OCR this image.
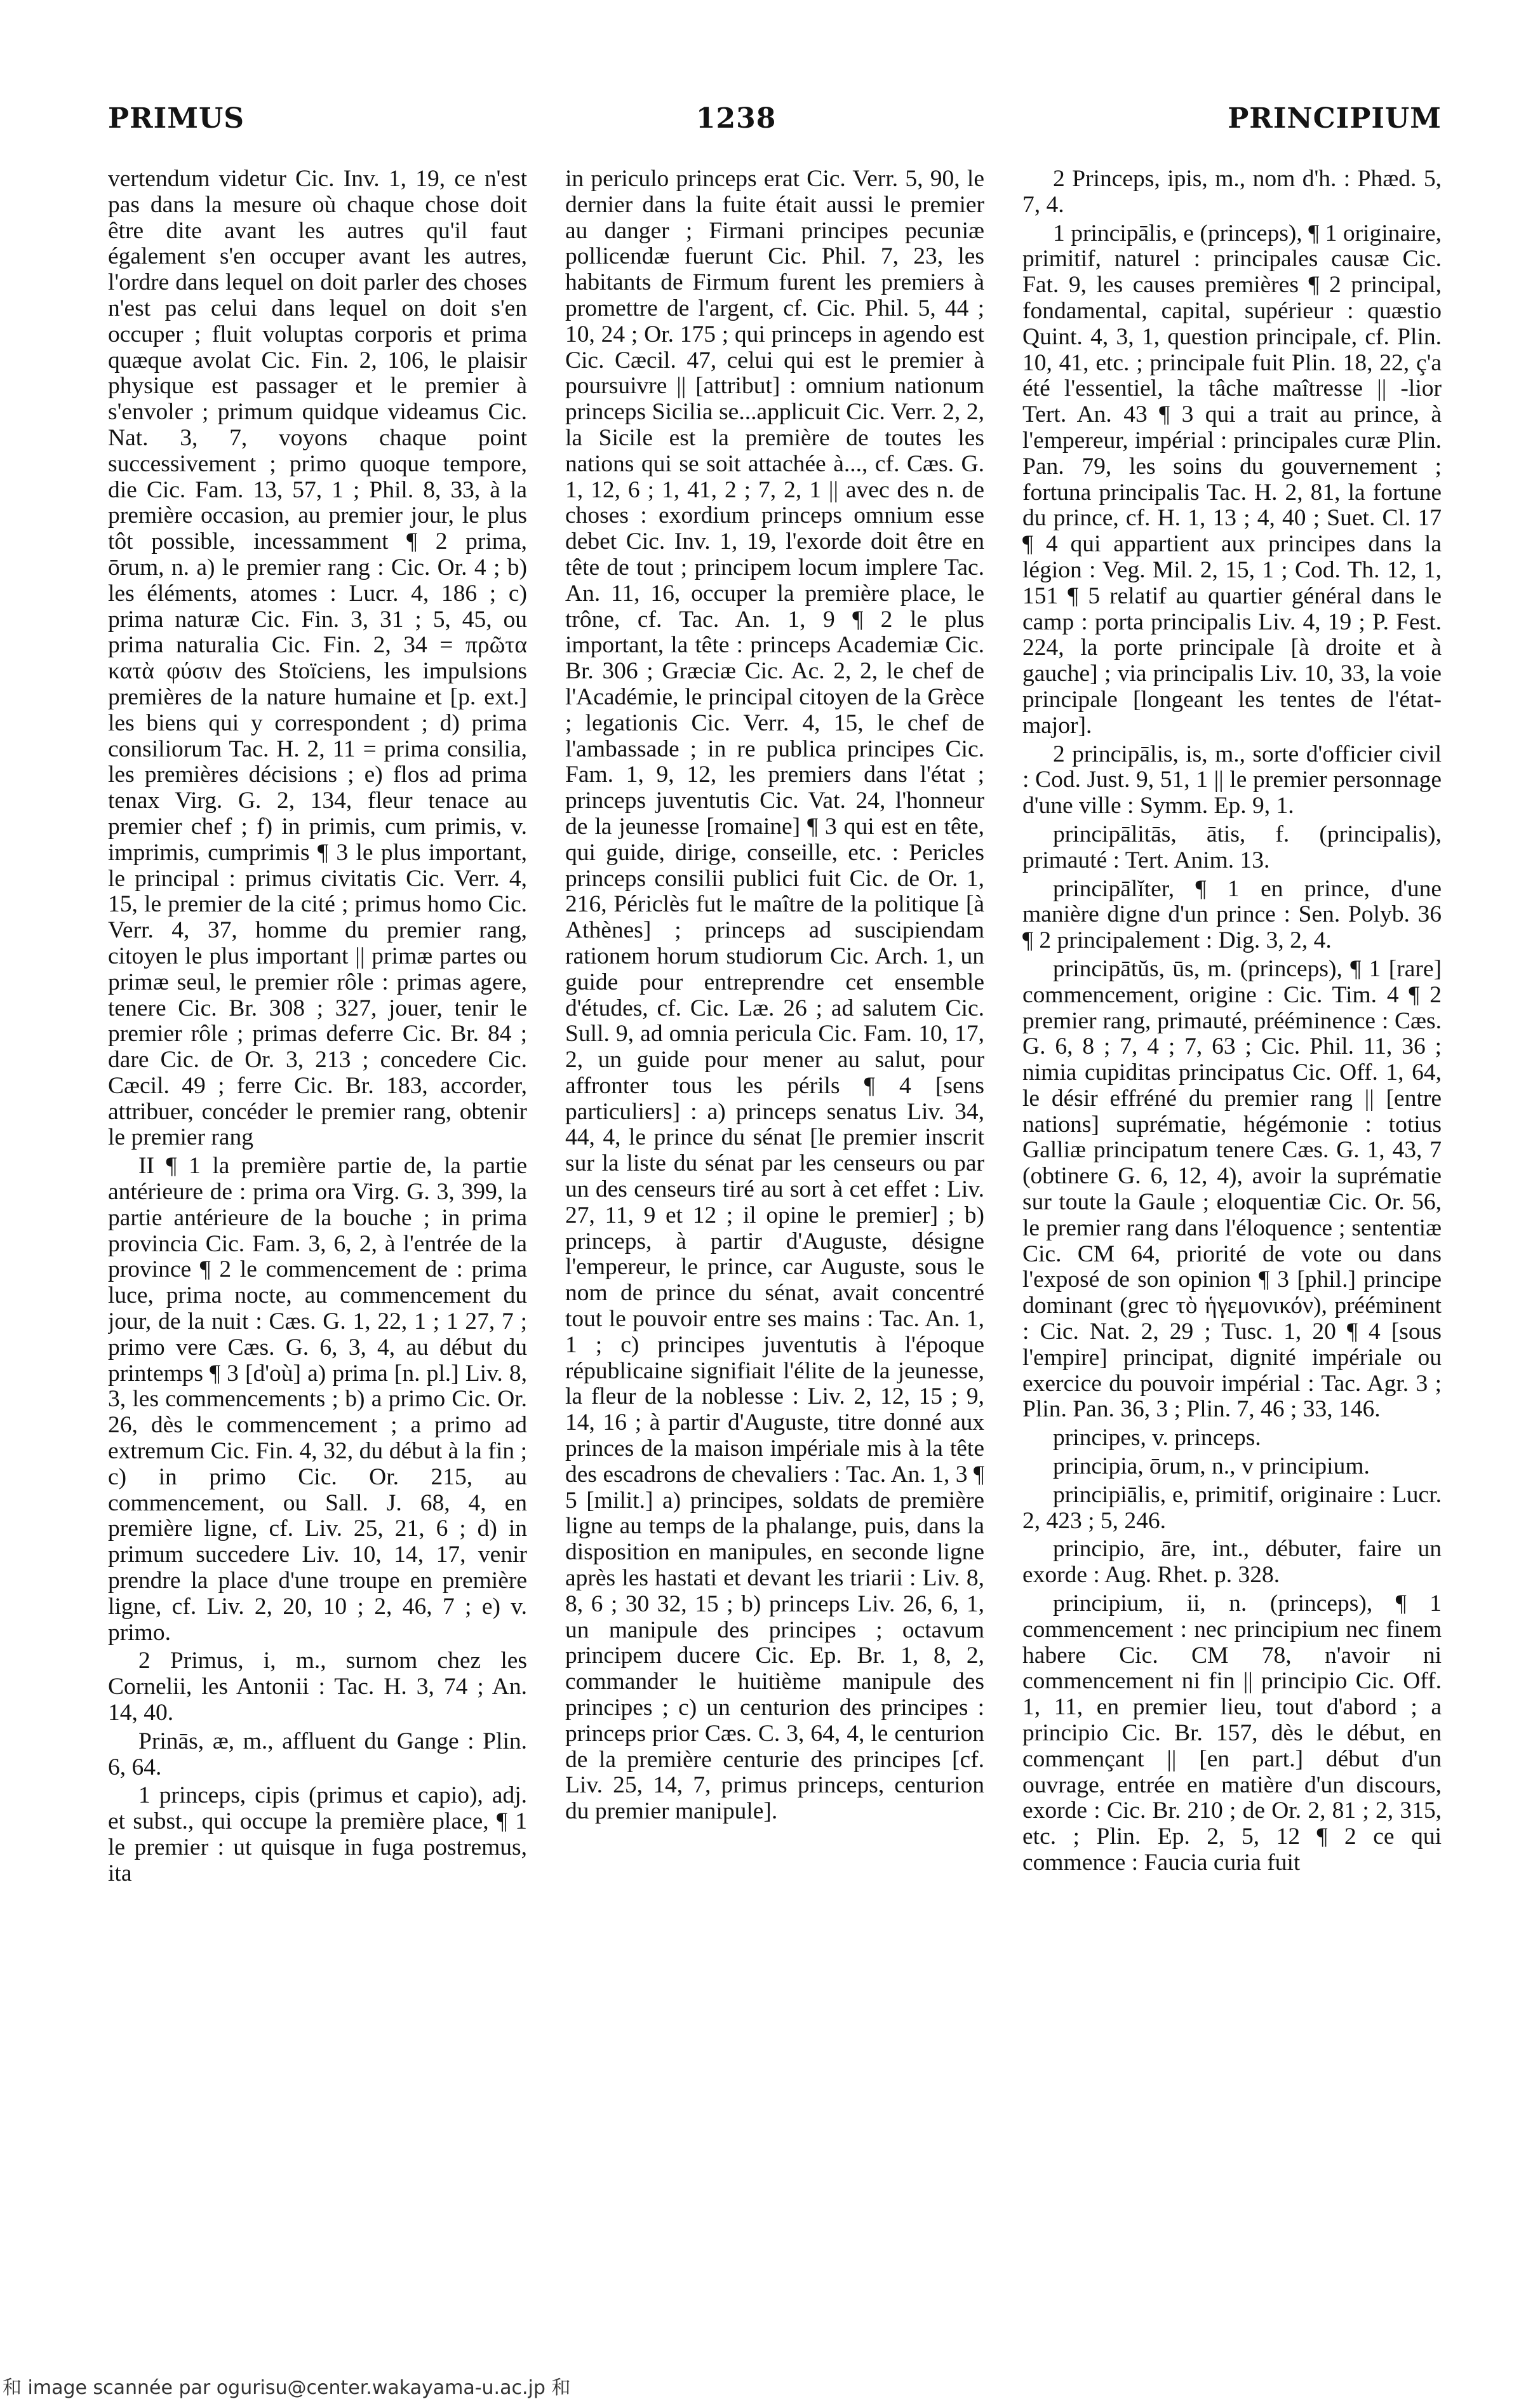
PRIMUS	1238	PRINCIPIUM

vertendum videtur Cic. Inv. 1, 19, ce n'est pas dans la mesure où chaque chose doit être dite avant les autres qu'il faut également s'en occuper avant les autres, l'ordre dans lequel on doit parler des choses n'est pas celui dans lequel on doit s'en occuper ; fluit voluptas corporis et prima quæque avolat Cic. Fin. 2, 106, le plaisir physique est passager et le premier à s'envoler ; primum quidque videamus Cic. Nat. 3, 7, voyons chaque point successivement ; primo quoque tempore, die Cic. Fam. 13, 57, 1 ; Phil. 8, 33, à la première occasion, au premier jour, le plus tôt possible, incessamment ¶ 2 prima, ōrum, n. a) le premier rang : Cic. Or. 4 ; b) les éléments, atomes : Lucr. 4, 186 ; c) prima naturæ Cic. Fin. 3, 31 ; 5, 45, ou prima naturalia Cic. Fin. 2, 34 = πρῶτα κατὰ φύσιν des Stoïciens, les impulsions premières de la nature humaine et [p. ext.] les biens qui y correspondent ; d) prima consiliorum Tac. H. 2, 11 = prima consilia, les premières décisions ; e) flos ad prima tenax Virg. G. 2, 134, fleur tenace au premier chef ; f) in primis, cum primis, v. imprimis, cumprimis ¶ 3 le plus important, le principal : primus civitatis Cic. Verr. 4, 15, le premier de la cité ; primus homo Cic. Verr. 4, 37, homme du premier rang, citoyen le plus important || primæ partes ou primæ seul, le premier rôle : primas agere, tenere Cic. Br. 308 ; 327, jouer, tenir le premier rôle ; primas deferre Cic. Br. 84 ; dare Cic. de Or. 3, 213 ; concedere Cic. Cæcil. 49 ; ferre Cic. Br. 183, accorder, attribuer, concéder le premier rang, obtenir le premier rang

II ¶ 1 la première partie de, la partie antérieure de : prima ora Virg. G. 3, 399, la partie antérieure de la bouche ; in prima provincia Cic. Fam. 3, 6, 2, à l'entrée de la province ¶ 2 le commencement de : prima luce, prima nocte, au commencement du jour, de la nuit : Cæs. G. 1, 22, 1 ; 1 27, 7 ; primo vere Cæs. G. 6, 3, 4, au début du printemps ¶ 3 [d'où] a) prima [n. pl.] Liv. 8, 3, les commencements ; b) a primo Cic. Or. 26, dès le commencement ; a primo ad extremum Cic. Fin. 4, 32, du début à la fin ; c) in primo Cic. Or. 215, au commencement, ou Sall. J. 68, 4, en première ligne, cf. Liv. 25, 21, 6 ; d) in primum succedere Liv. 10, 14, 17, venir prendre la place d'une troupe en première ligne, cf. Liv. 2, 20, 10 ; 2, 46, 7 ; e) v. primo.

2 Primus, i, m., surnom chez les Cornelii, les Antonii : Tac. H. 3, 74 ; An. 14, 40.

Prinās, æ, m., affluent du Gange : Plin. 6, 64.

1 princeps, cipis (primus et capio), adj. et subst., qui occupe la première place, ¶ 1 le premier : ut quisque in fuga postremus, ita

in periculo princeps erat Cic. Verr. 5, 90, le dernier dans la fuite était aussi le premier au danger ; Firmani principes pecuniæ pollicendæ fuerunt Cic. Phil. 7, 23, les habitants de Firmum furent les premiers à promettre de l'argent, cf. Cic. Phil. 5, 44 ; 10, 24 ; Or. 175 ; qui princeps in agendo est Cic. Cæcil. 47, celui qui est le premier à poursuivre || [attribut] : omnium nationum princeps Sicilia se...applicuit Cic. Verr. 2, 2, la Sicile est la première de toutes les nations qui se soit attachée à..., cf. Cæs. G. 1, 12, 6 ; 1, 41, 2 ; 7, 2, 1 || avec des n. de choses : exordium princeps omnium esse debet Cic. Inv. 1, 19, l'exorde doit être en tête de tout ; principem locum implere Tac. An. 11, 16, occuper la première place, le trône, cf. Tac. An. 1, 9 ¶ 2 le plus important, la tête : princeps Academiæ Cic. Br. 306 ; Græciæ Cic. Ac. 2, 2, le chef de l'Académie, le principal citoyen de la Grèce ; legationis Cic. Verr. 4, 15, le chef de l'ambassade ; in re publica principes Cic. Fam. 1, 9, 12, les premiers dans l'état ; princeps juventutis Cic. Vat. 24, l'honneur de la jeunesse [romaine] ¶ 3 qui est en tête, qui guide, dirige, conseille, etc. : Pericles princeps consilii publici fuit Cic. de Or. 1, 216, Périclès fut le maître de la politique [à Athènes] ; princeps ad suscipiendam rationem horum studiorum Cic. Arch. 1, un guide pour entreprendre cet ensemble d'études, cf. Cic. Læ. 26 ; ad salutem Cic. Sull. 9, ad omnia pericula Cic. Fam. 10, 17, 2, un guide pour mener au salut, pour affronter tous les périls ¶ 4 [sens particuliers] : a) princeps senatus Liv. 34, 44, 4, le prince du sénat [le premier inscrit sur la liste du sénat par les censeurs ou par un des censeurs tiré au sort à cet effet : Liv. 27, 11, 9 et 12 ; il opine le premier] ; b) princeps, à partir d'Auguste, désigne l'empereur, le prince, car Auguste, sous le nom de prince du sénat, avait concentré tout le pouvoir entre ses mains : Tac. An. 1, 1 ; c) principes juventutis à l'époque républicaine signifiait l'élite de la jeunesse, la fleur de la noblesse : Liv. 2, 12, 15 ; 9, 14, 16 ; à partir d'Auguste, titre donné aux princes de la maison impériale mis à la tête des escadrons de chevaliers : Tac. An. 1, 3 ¶ 5 [milit.] a) principes, soldats de première ligne au temps de la phalange, puis, dans la disposition en manipules, en seconde ligne après les hastati et devant les triarii : Liv. 8, 8, 6 ; 30 32, 15 ; b) princeps Liv. 26, 6, 1, un manipule des principes ; octavum principem ducere Cic. Ep. Br. 1, 8, 2, commander le huitième manipule des principes ; c) un centurion des principes : princeps prior Cæs. C. 3, 64, 4, le centurion de la première centurie des principes [cf. Liv. 25, 14, 7, primus princeps, centurion du premier manipule].

2 Princeps, ipis, m., nom d'h. : Phæd. 5, 7, 4.

1 principālis, e (princeps), ¶ 1 originaire, primitif, naturel : principales causæ Cic. Fat. 9, les causes premières ¶ 2 principal, fondamental, capital, supérieur : quæstio Quint. 4, 3, 1, question principale, cf. Plin. 10, 41, etc. ; principale fuit Plin. 18, 22, ç'a été l'essentiel, la tâche maîtresse || -lior Tert. An. 43 ¶ 3 qui a trait au prince, à l'empereur, impérial : principales curæ Plin. Pan. 79, les soins du gouvernement ; fortuna principalis Tac. H. 2, 81, la fortune du prince, cf. H. 1, 13 ; 4, 40 ; Suet. Cl. 17 ¶ 4 qui appartient aux principes dans la légion : Veg. Mil. 2, 15, 1 ; Cod. Th. 12, 1, 151 ¶ 5 relatif au quartier général dans le camp : porta principalis Liv. 4, 19 ; P. Fest. 224, la porte principale [à droite et à gauche] ; via principalis Liv. 10, 33, la voie principale [longeant les tentes de l'état-major].

2 principālis, is, m., sorte d'officier civil : Cod. Just. 9, 51, 1 || le premier personnage d'une ville : Symm. Ep. 9, 1.

principālitās, ātis, f. (principalis), primauté : Tert. Anim. 13.

principālĭter, ¶ 1 en prince, d'une manière digne d'un prince : Sen. Polyb. 36 ¶ 2 principalement : Dig. 3, 2, 4.

principātŭs, ūs, m. (princeps), ¶ 1 [rare] commencement, origine : Cic. Tim. 4 ¶ 2 premier rang, primauté, prééminence : Cæs. G. 6, 8 ; 7, 4 ; 7, 63 ; Cic. Phil. 11, 36 ; nimia cupiditas principatus Cic. Off. 1, 64, le désir effréné du premier rang || [entre nations] suprématie, hégémonie : totius Galliæ principatum tenere Cæs. G. 1, 43, 7 (obtinere G. 6, 12, 4), avoir la suprématie sur toute la Gaule ; eloquentiæ Cic. Or. 56, le premier rang dans l'éloquence ; sententiæ Cic. CM 64, priorité de vote ou dans l'exposé de son opinion ¶ 3 [phil.] principe dominant (grec τὸ ἡγεμονικόν), prééminent : Cic. Nat. 2, 29 ; Tusc. 1, 20 ¶ 4 [sous l'empire] principat, dignité impériale ou exercice du pouvoir impérial : Tac. Agr. 3 ; Plin. Pan. 36, 3 ; Plin. 7, 46 ; 33, 146.

principes, v. princeps.

principia, ōrum, n., v principium.

principiālis, e, primitif, originaire : Lucr. 2, 423 ; 5, 246.

principio, āre, int., débuter, faire un exorde : Aug. Rhet. p. 328.

principium, ii, n. (princeps), ¶ 1 commencement : nec principium nec finem habere Cic. CM 78, n'avoir ni commencement ni fin || principio Cic. Off. 1, 11, en premier lieu, tout d'abord ; a principio Cic. Br. 157, dès le début, en commençant || [en part.] début d'un ouvrage, entrée en matière d'un discours, exorde : Cic. Br. 210 ; de Or. 2, 81 ; 2, 315, etc. ; Plin. Ep. 2, 5, 12 ¶ 2 ce qui commence : Faucia curia fuit

和 image scannée par ogurisu@center.wakayama-u.ac.jp 和
